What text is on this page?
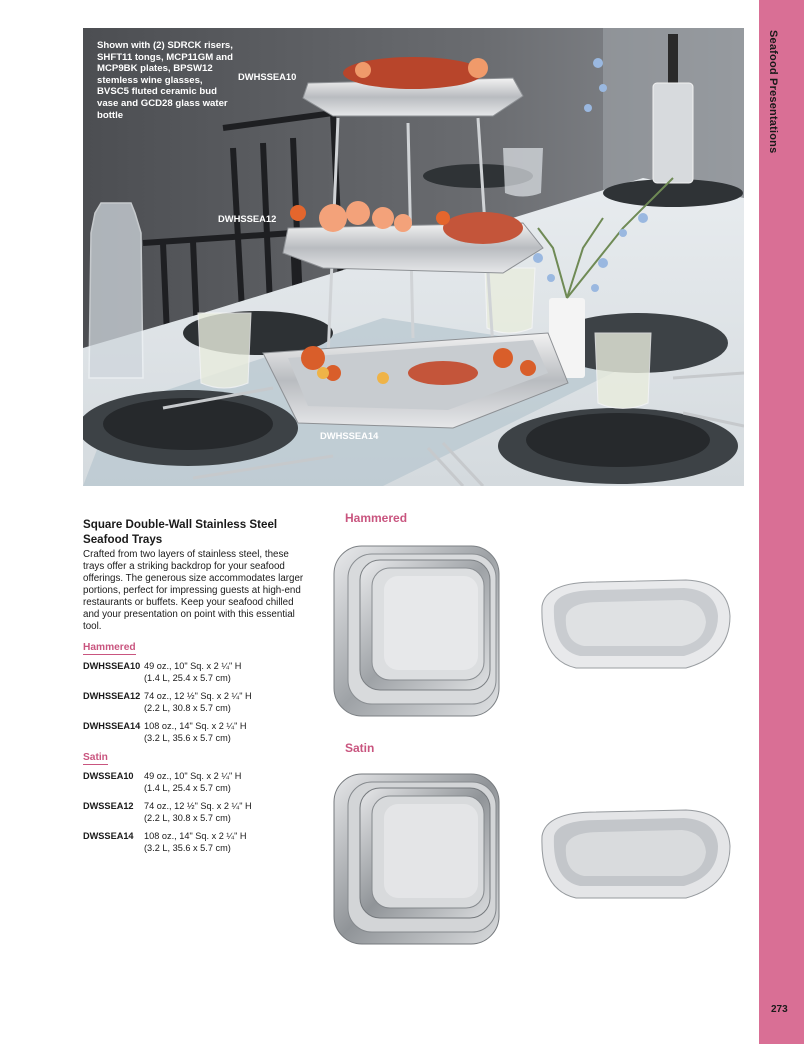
Seafood Presentations
273
Shown with (2) SDRCK risers, SHFT11 tongs, MCP11GM and MCP9BK plates, BPSW12 stemless wine glasses, BVSC5 fluted ceramic bud vase and GCD28 glass water bottle
DWHSSEA10
DWHSSEA12
DWHSSEA14
Square Double-Wall Stainless Steel Seafood Trays
Crafted from two layers of stainless steel, these trays offer a striking backdrop for your seafood offerings. The generous size accommodates larger portions, perfect for impressing guests at high-end restaurants or buffets. Keep your seafood chilled and your presentation on point with this essential tool.
Hammered
DWHSSEA10 49 oz., 10" Sq. x 2 ¼" H
(1.4 L, 25.4 x 5.7 cm)
DWHSSEA12 74 oz., 12 ½" Sq. x 2 ¼" H
(2.2 L, 30.8 x 5.7 cm)
DWHSSEA14 108 oz., 14" Sq. x 2 ¼" H
(3.2 L, 35.6 x 5.7 cm)
Satin
DWSSEA10 49 oz., 10" Sq. x 2 ¼" H
(1.4 L, 25.4 x 5.7 cm)
DWSSEA12 74 oz., 12 ½" Sq. x 2 ¼" H
(2.2 L, 30.8 x 5.7 cm)
DWSSEA14 108 oz., 14" Sq. x 2 ¼" H
(3.2 L, 35.6 x 5.7 cm)
Hammered
Satin
